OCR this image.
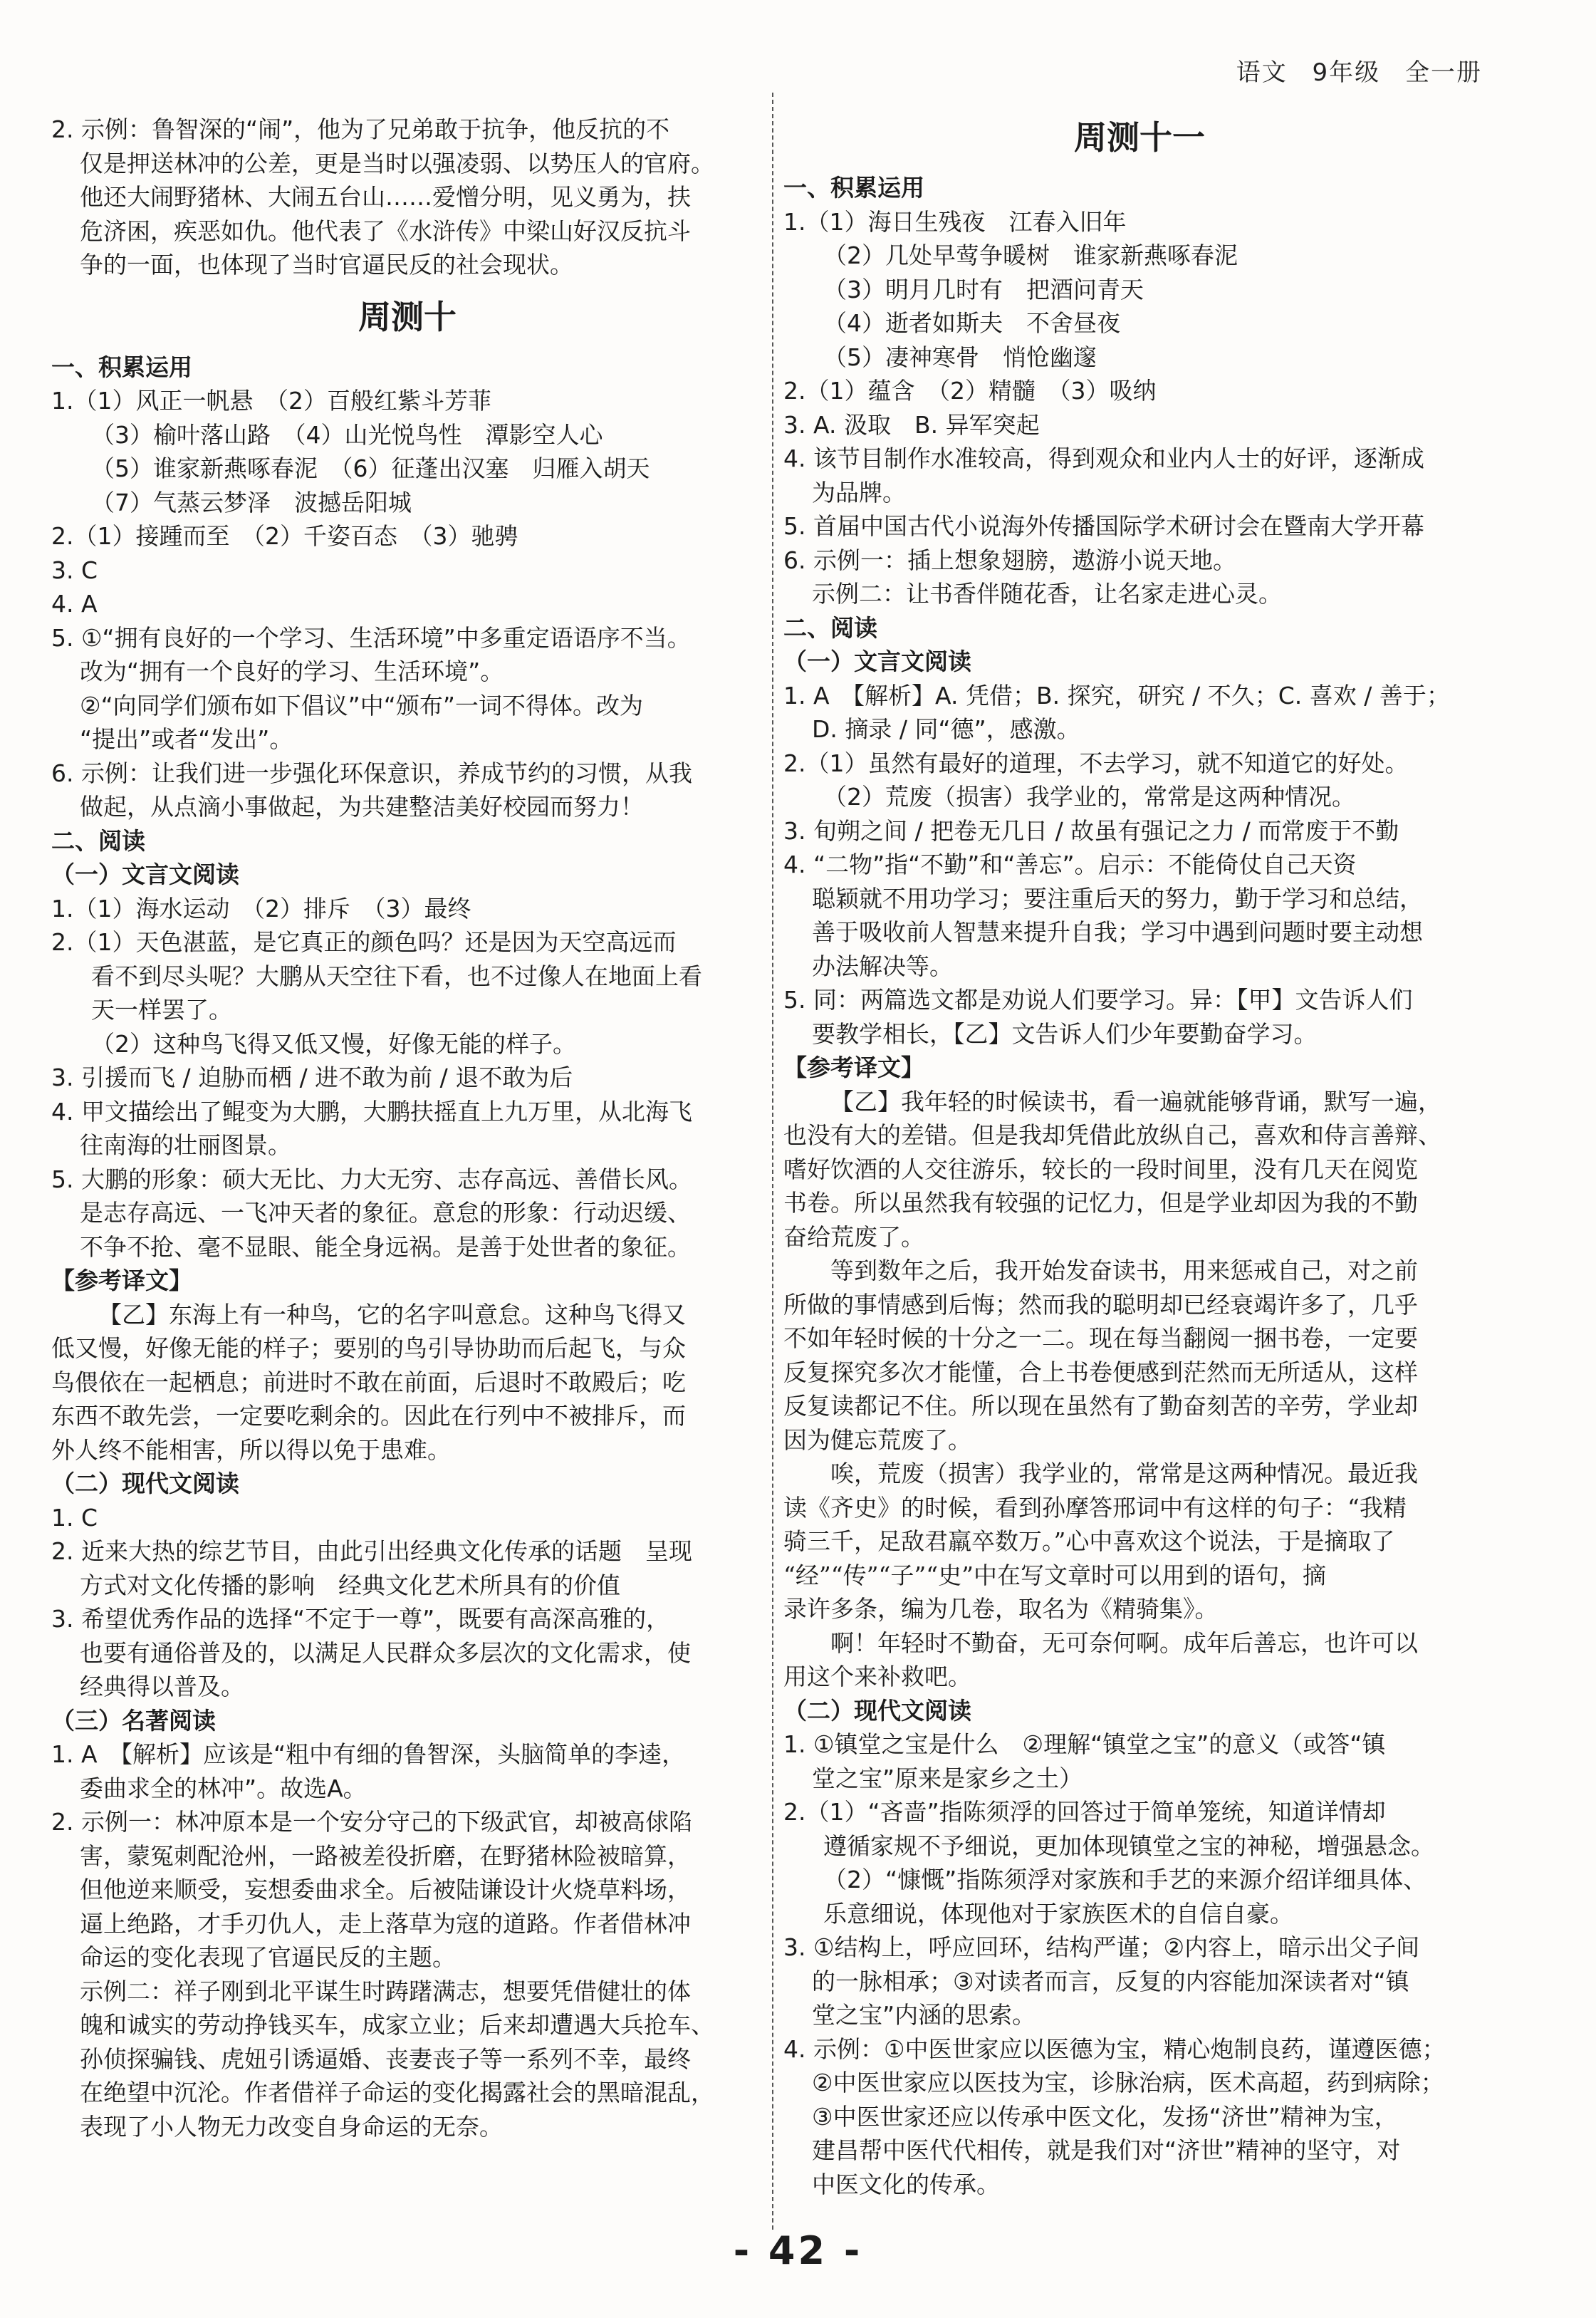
语文 9年级 全一册
2. 示例：鲁智深的“闹”，他为了兄弟敢于抗争，他反抗的不
仅是押送林冲的公差，更是当时以强凌弱、以势压人的官府。
他还大闹野猪林、大闹五台山……爱憎分明，见义勇为，扶
危济困，疾恶如仇。他代表了《水浒传》中梁山好汉反抗斗
争的一面，也体现了当时官逼民反的社会现状。
周测十
一、积累运用
1.（1）风正一帆悬　（2）百般红紫斗芳菲
（3）榆叶落山路　（4）山光悦鸟性　潭影空人心
（5）谁家新燕啄春泥　（6）征蓬出汉塞　归雁入胡天
（7）气蒸云梦泽　波撼岳阳城
2.（1）接踵而至　（2）千姿百态　（3）驰骋
3. C
4. A
5. ①“拥有良好的一个学习、生活环境”中多重定语语序不当。
改为“拥有一个良好的学习、生活环境”。
②“向同学们颁布如下倡议”中“颁布”一词不得体。改为
“提出”或者“发出”。
6. 示例：让我们进一步强化环保意识，养成节约的习惯，从我
做起，从点滴小事做起，为共建整洁美好校园而努力！
二、阅读
（一）文言文阅读
1.（1）海水运动　（2）排斥　（3）最终
2.（1）天色湛蓝，是它真正的颜色吗？还是因为天空高远而
看不到尽头呢？大鹏从天空往下看，也不过像人在地面上看
天一样罢了。
（2）这种鸟飞得又低又慢，好像无能的样子。
3. 引援而飞 / 迫胁而栖 / 进不敢为前 / 退不敢为后
4. 甲文描绘出了鲲变为大鹏，大鹏扶摇直上九万里，从北海飞
往南海的壮丽图景。
5. 大鹏的形象：硕大无比、力大无穷、志存高远、善借长风。
是志存高远、一飞冲天者的象征。意怠的形象：行动迟缓、
不争不抢、毫不显眼、能全身远祸。是善于处世者的象征。
【参考译文】
【乙】东海上有一种鸟，它的名字叫意怠。这种鸟飞得又
低又慢，好像无能的样子；要别的鸟引导协助而后起飞，与众
鸟偎依在一起栖息；前进时不敢在前面，后退时不敢殿后；吃
东西不敢先尝，一定要吃剩余的。因此在行列中不被排斥，而
外人终不能相害，所以得以免于患难。
（二）现代文阅读
1. C
2. 近来大热的综艺节目，由此引出经典文化传承的话题　呈现
方式对文化传播的影响　经典文化艺术所具有的价值
3. 希望优秀作品的选择“不定于一尊”，既要有高深高雅的，
也要有通俗普及的，以满足人民群众多层次的文化需求，使
经典得以普及。
（三）名著阅读
1. A　【解析】应该是“粗中有细的鲁智深，头脑简单的李逵，
委曲求全的林冲”。故选A。
2. 示例一：林冲原本是一个安分守己的下级武官，却被高俅陷
害，蒙冤刺配沧州，一路被差役折磨，在野猪林险被暗算，
但他逆来顺受，妄想委曲求全。后被陆谦设计火烧草料场，
逼上绝路，才手刃仇人，走上落草为寇的道路。作者借林冲
命运的变化表现了官逼民反的主题。
示例二：祥子刚到北平谋生时踌躇满志，想要凭借健壮的体
魄和诚实的劳动挣钱买车，成家立业；后来却遭遇大兵抢车、
孙侦探骗钱、虎妞引诱逼婚、丧妻丧子等一系列不幸，最终
在绝望中沉沦。作者借祥子命运的变化揭露社会的黑暗混乱，
表现了小人物无力改变自身命运的无奈。
周测十一
一、积累运用
1.（1）海日生残夜　江春入旧年
（2）几处早莺争暖树　谁家新燕啄春泥
（3）明月几时有　把酒问青天
（4）逝者如斯夫　不舍昼夜
（5）凄神寒骨　悄怆幽邃
2.（1）蕴含　（2）精髓　（3）吸纳
3. A. 汲取　B. 异军突起
4. 该节目制作水准较高，得到观众和业内人士的好评，逐渐成
为品牌。
5. 首届中国古代小说海外传播国际学术研讨会在暨南大学开幕
6. 示例一：插上想象翅膀，遨游小说天地。
示例二：让书香伴随花香，让名家走进心灵。
二、阅读
（一）文言文阅读
1. A　【解析】A. 凭借；B. 探究，研究 / 不久；C. 喜欢 / 善于；
D. 摘录 / 同“德”，感激。
2.（1）虽然有最好的道理，不去学习，就不知道它的好处。
（2）荒废（损害）我学业的，常常是这两种情况。
3. 旬朔之间 / 把卷无几日 / 故虽有强记之力 / 而常废于不勤
4. “二物”指“不勤”和“善忘”。启示：不能倚仗自己天资
聪颖就不用功学习；要注重后天的努力，勤于学习和总结，
善于吸收前人智慧来提升自我；学习中遇到问题时要主动想
办法解决等。
5. 同：两篇选文都是劝说人们要学习。异：【甲】文告诉人们
要教学相长，【乙】文告诉人们少年要勤奋学习。
【参考译文】
【乙】我年轻的时候读书，看一遍就能够背诵，默写一遍，
也没有大的差错。但是我却凭借此放纵自己，喜欢和侍言善辩、
嗜好饮酒的人交往游乐，较长的一段时间里，没有几天在阅览
书卷。所以虽然我有较强的记忆力，但是学业却因为我的不勤
奋给荒废了。
等到数年之后，我开始发奋读书，用来惩戒自己，对之前
所做的事情感到后悔；然而我的聪明却已经衰竭许多了，几乎
不如年轻时候的十分之一二。现在每当翻阅一捆书卷，一定要
反复探究多次才能懂，合上书卷便感到茫然而无所适从，这样
反复读都记不住。所以现在虽然有了勤奋刻苦的辛劳，学业却
因为健忘荒废了。
唉，荒废（损害）我学业的，常常是这两种情况。最近我
读《齐史》的时候，看到孙摩答邢词中有这样的句子：“我精
骑三千，足敌君羸卒数万。”心中喜欢这个说法，于是摘取了
“经”“传”“子”“史”中在写文章时可以用到的语句，摘
录许多条，编为几卷，取名为《精骑集》。
啊！年轻时不勤奋，无可奈何啊。成年后善忘，也许可以
用这个来补救吧。
（二）现代文阅读
1. ①镇堂之宝是什么　②理解“镇堂之宝”的意义（或答“镇
堂之宝”原来是家乡之土）
2.（1）“吝啬”指陈须浮的回答过于简单笼统，知道详情却
遵循家规不予细说，更加体现镇堂之宝的神秘，增强悬念。
（2）“慷慨”指陈须浮对家族和手艺的来源介绍详细具体、
乐意细说，体现他对于家族医术的自信自豪。
3. ①结构上，呼应回环，结构严谨；②内容上，暗示出父子间
的一脉相承；③对读者而言，反复的内容能加深读者对“镇
堂之宝”内涵的思索。
4. 示例：①中医世家应以医德为宝，精心炮制良药，谨遵医德；
②中医世家应以医技为宝，诊脉治病，医术高超，药到病除；
③中医世家还应以传承中医文化，发扬“济世”精神为宝，
建昌帮中医代代相传，就是我们对“济世”精神的坚守，对
中医文化的传承。
- 42 -
